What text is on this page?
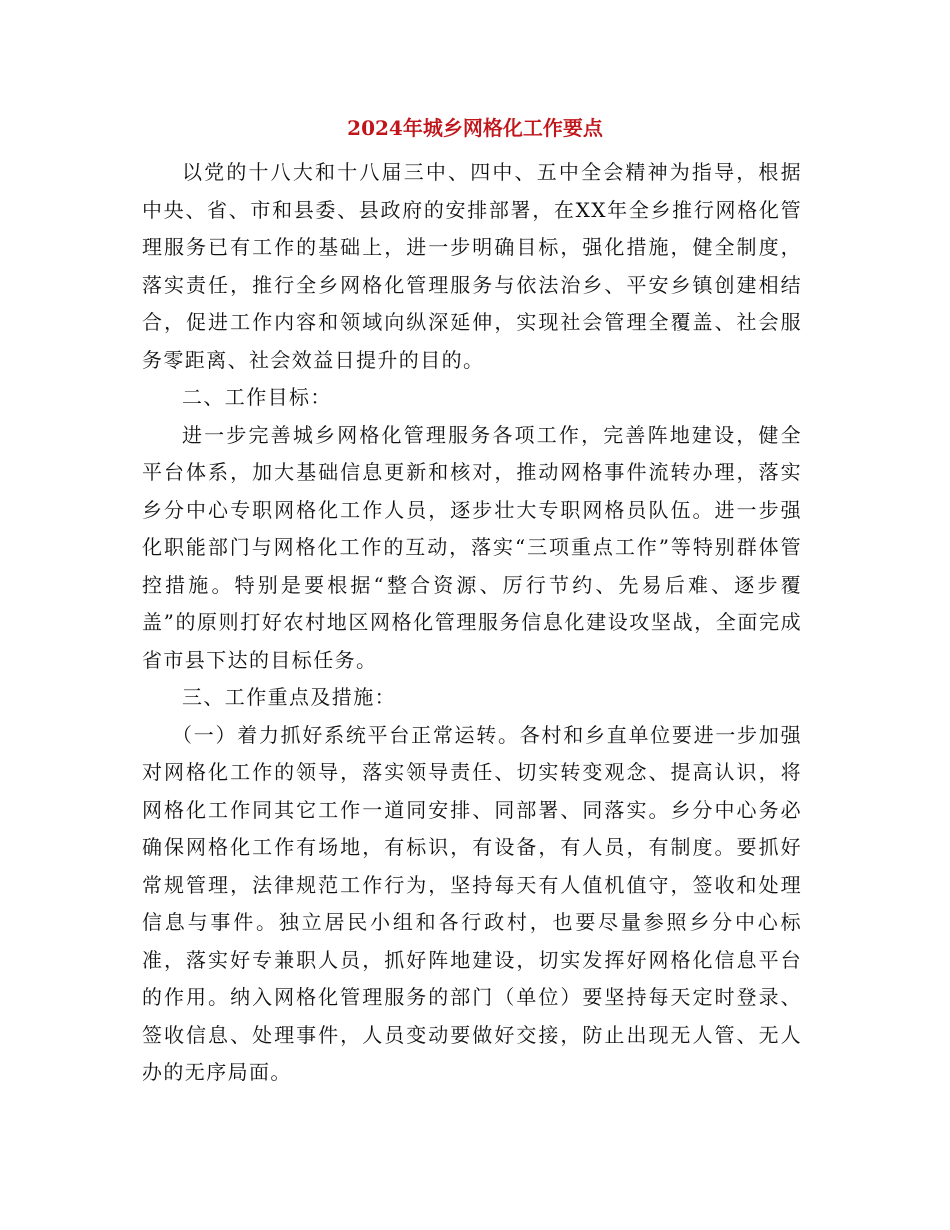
2024年城乡网格化工作要点

以党的十八大和十八届三中、四中、五中全会精神为指导，根据中央、省、市和县委、县政府的安排部署，在XX年全乡推行网格化管理服务已有工作的基础上，进一步明确目标，强化措施，健全制度，落实责任，推行全乡网格化管理服务与依法治乡、平安乡镇创建相结合，促进工作内容和领域向纵深延伸，实现社会管理全覆盖、社会服务零距离、社会效益日提升的目的。

二、工作目标：

进一步完善城乡网格化管理服务各项工作，完善阵地建设，健全平台体系，加大基础信息更新和核对，推动网格事件流转办理，落实乡分中心专职网格化工作人员，逐步壮大专职网格员队伍。进一步强化职能部门与网格化工作的互动，落实“三项重点工作”等特别群体管控措施。特别是要根据“整合资源、厉行节约、先易后难、逐步覆盖”的原则打好农村地区网格化管理服务信息化建设攻坚战，全面完成省市县下达的目标任务。

三、工作重点及措施：

（一）着力抓好系统平台正常运转。各村和乡直单位要进一步加强对网格化工作的领导，落实领导责任、切实转变观念、提高认识，将网格化工作同其它工作一道同安排、同部署、同落实。乡分中心务必确保网格化工作有场地，有标识，有设备，有人员，有制度。要抓好常规管理，法律规范工作行为，坚持每天有人值机值守，签收和处理信息与事件。独立居民小组和各行政村，也要尽量参照乡分中心标准，落实好专兼职人员，抓好阵地建设，切实发挥好网格化信息平台的作用。纳入网格化管理服务的部门（单位）要坚持每天定时登录、签收信息、处理事件，人员变动要做好交接，防止出现无人管、无人办的无序局面。
